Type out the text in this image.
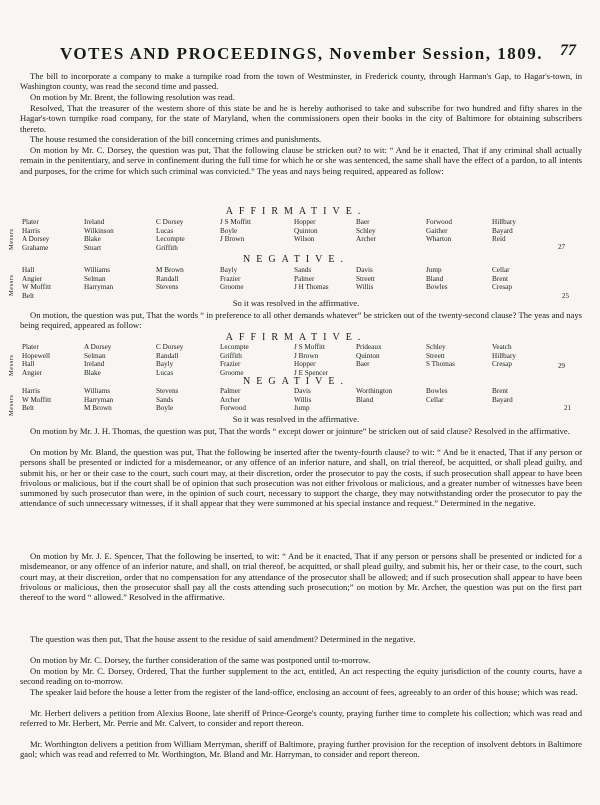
VOTES AND PROCEEDINGS, November Session, 1809. 77

The bill to incorporate a company to make a turnpike road from the town of Westminster, in Frederick county, through Harman's Gap, to Hagar's-town, in Washington county, was read the second time and passed.

On motion by Mr. Brent, the following resolution was read.

Resolved, That the treasurer of the western shore of this state be and he is hereby authorised to take and subscribe for two hundred and fifty shares in the Hagar's-town turnpike road company, for the state of Maryland, when the commissioners open their books in the city of Baltimore for obtaining subscribers thereto.

The house resumed the consideration of the bill concerning crimes and punishments.

On motion by Mr. C. Dorsey, the question was put, That the following clause be stricken out? to wit: “ And be it enacted, That if any criminal shall actually remain in the penitentiary, and serve in confinement during the full time for which he or she was sentenced, the same shall have the effect of a pardon, to all intents and purposes, for the crime for which such criminal was convicted.” The yeas and nays being required, appeared as follow:

AFFIRMATIVE.
Messrs
Plater
Harris
A Dorsey
Grahame
Ireland
Wilkinson
Blake
Stuart
C Dorsey
Lucas
Lecompte
Griffith
J S Moffitt
Boyle
J Brown
Hopper
Quinton
Wilson
Baer
Schley
Archer
Forwood
Gaither
Wharton
Hillbary
Bayard
Reid
27
NEGATIVE.
Messrs
Hall
Angier
W Moffitt
Belt
Williams
Selman
Harryman
M Brown
Randall
Stevens
Bayly
Frazier
Groome
Sands
Palmer
J H Thomas
Davis
Streett
Willis
Jump
Bland
Bowles
Cellar
Brent
Cresap
25
So it was resolved in the affirmative.

On motion, the question was put, That the words “ in preference to all other demands whatever” be stricken out of the twenty-second clause? The yeas and nays being required, appeared as follow:

AFFIRMATIVE.
Messrs
Plater
Hopewell
Hall
Angier
A Dorsey
Selman
Ireland
Blake
C Dorsey
Randall
Bayly
Lucas
Lecompte
Griffith
Frazier
Groome
J S Moffitt
J Brown
Hopper
J E Spencer
Prideaux
Quinton
Baer
Schley
Streett
S Thomas
Veatch
Hillbary
Cresap	29
NEGATIVE.
Messrs
Harris
W Moffitt
Belt
Williams
Harryman
M Brown
Stevens
Sands
Boyle
Palmer
Archer
Forwood
Davis
Willis
Jump
Worthington
Bland
Bowles
Cellar
Brent
Bayard
21
So it was resolved in the affirmative.

On motion by Mr. J. H. Thomas, the question was put, That the words “ except dower or jointure” be stricken out of said clause? Resolved in the affirmative.

On motion by Mr. Bland, the question was put, That the following be inserted after the twenty-fourth clause? to wit: “ And be it enacted, That if any person or persons shall be presented or indicted for a misdemeanor, or any offence of an inferior nature, and shall, on trial thereof, be acquitted, or shall plead guilty, and submit his, or her or their case to the court, such court may, at their discretion, order the prosecutor to pay the costs, if such prosecution shall appear to have been frivolous or malicious, but if the court shall be of opinion that such prosecution was not either frivolous or malicious, and a greater number of witnesses have been summoned by such prosecutor than were, in the opinion of such court, necessary to support the charge, they may notwithstanding order the prosecutor to pay the attendance of such unnecessary witnesses, if it shall appear that they were summoned at his special instance and request.” Determined in the negative.

On motion by Mr. J. E. Spencer, That the following be inserted, to wit: “ And be it enacted, That if any person or persons shall be presented or indicted for a misdemeanor, or any offence of an inferior nature, and shall, on trial thereof, be acquitted, or shall plead guilty, and submit his, her or their case, to the court, such court may, at their discretion, order that no compensation for any attendance of the prosecutor shall be allowed; and if such prosecution shall appear to have been frivolous or malicious, then the prosecutor shall pay all the costs attending such prosecution;” on motion by Mr. Archer, the question was put on the first part thereof to the word “ allowed.” Resolved in the affirmative.

The question was then put, That the house assent to the residue of said amendment? Determined in the negative.

On motion by Mr. C. Dorsey, the further consideration of the same was postponed until to-morrow.

On motion by Mr. C. Dorsey, Ordered, That the further supplement to the act, entitled, An act respecting the equity jurisdiction of the county courts, have a second reading on to-morrow.

The speaker laid before the house a letter from the register of the land-office, enclosing an account of fees, agreeably to an order of this house; which was read.

Mr. Herbert delivers a petition from Alexius Boone, late sheriff of Prince-George's county, praying further time to complete his collection; which was read and referred to Mr. Herbert, Mr. Perrie and Mr. Calvert, to consider and report thereon.

Mr. Worthington delivers a petition from William Merryman, sheriff of Baltimore, praying further provision for the reception of insolvent debtors in Baltimore gaol; which was read and referred to Mr. Worthington, Mr. Bland and Mr. Harryman, to consider and report thereon.
